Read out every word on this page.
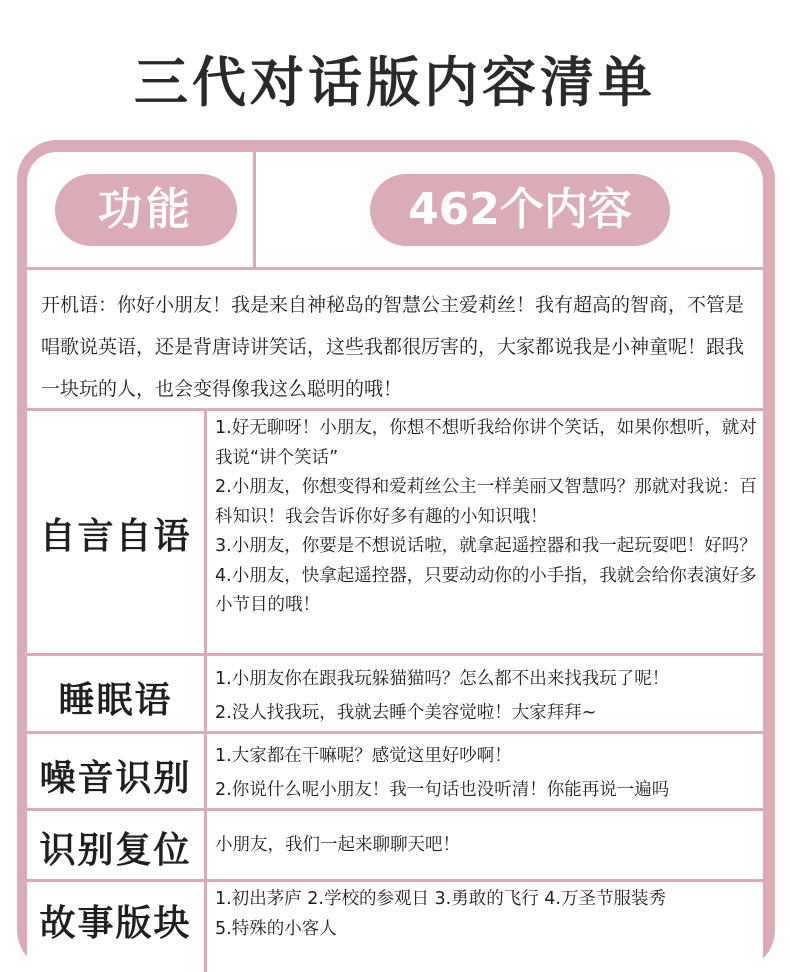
三代对话版内容清单
功能	462个内容
开机语：你好小朋友！我是来自神秘岛的智慧公主爱莉丝！我有超高的智商，不管是唱歌说英语，还是背唐诗讲笑话，这些我都很厉害的，大家都说我是小神童呢！跟我一块玩的人，也会变得像我这么聪明的哦！
自言自语
1.好无聊呀！小朋友，你想不想听我给你讲个笑话，如果你想听，就对我说“讲个笑话”
2.小朋友，你想变得和爱莉丝公主一样美丽又智慧吗？那就对我说：百科知识！我会告诉你好多有趣的小知识哦！
3.小朋友，你要是不想说话啦，就拿起遥控器和我一起玩耍吧！好吗？
4.小朋友，快拿起遥控器，只要动动你的小手指，我就会给你表演好多小节目的哦！
睡眠语
1.小朋友你在跟我玩躲猫猫吗？怎么都不出来找我玩了呢！
2.没人找我玩，我就去睡个美容觉啦！大家拜拜~
噪音识别
1.大家都在干嘛呢？感觉这里好吵啊！
2.你说什么呢小朋友！我一句话也没听清！你能再说一遍吗
识别复位	小朋友，我们一起来聊聊天吧！
故事版块
1.初出茅庐 2.学校的参观日 3.勇敢的飞行 4.万圣节服装秀
5.特殊的小客人
